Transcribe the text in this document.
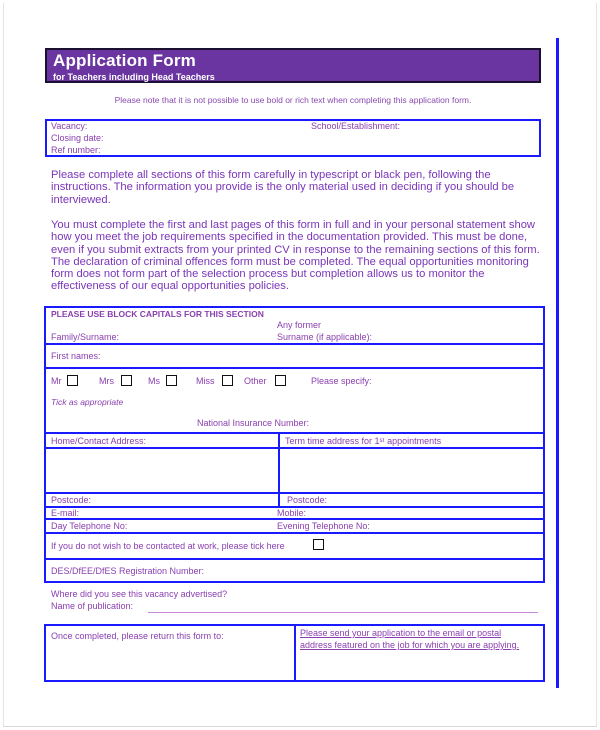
Application Form
for Teachers including Head Teachers
Please note that it is not possible to use bold or rich text when completing this application form.
Vacancy:	School/Establishment:
Closing date:
Ref number:
Please complete all sections of this form carefully in typescript or black pen, following the instructions. The information you provide is the only material used in deciding if you should be interviewed.
You must complete the first and last pages of this form in full and in your personal statement show how you meet the job requirements specified in the documentation provided. This must be done, even if you submit extracts from your printed CV in response to the remaining sections of this form. The declaration of criminal offences form must be completed. The equal opportunities monitoring form does not form part of the selection process but completion allows us to monitor the effectiveness of our equal opportunities policies.
PLEASE USE BLOCK CAPITALS FOR THIS SECTION
Any former
Family/Surname:	Surname (if applicable):
First names:
Mr	Mrs	Ms	Miss	Other	Please specify:
Tick as appropriate
National Insurance Number:
Home/Contact Address:	Term time address for 1ˢᵗ appointments
Postcode:	Postcode:
E-mail:	Mobile:
Day Telephone No:	Evening Telephone No:
If you do not wish to be contacted at work, please tick here
DES/DfEE/DfES Registration Number:
Where did you see this vacancy advertised?
Name of publication:
Once completed, please return this form to:	Please send your application to the email or postal address featured on the job for which you are applying.
